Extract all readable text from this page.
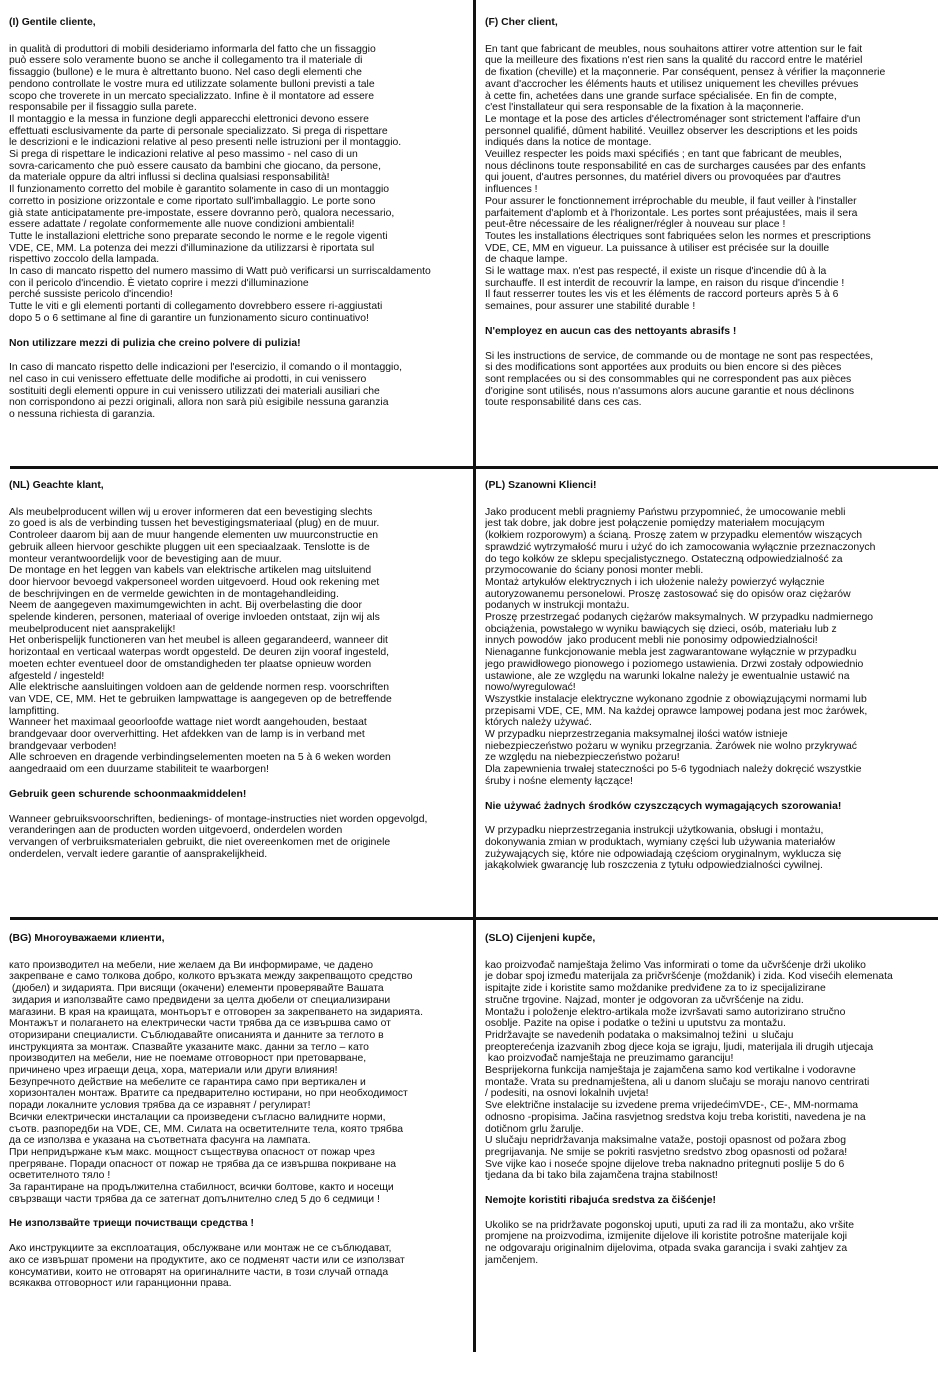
(I) Gentile cliente,
in qualità di produttori di mobili desideriamo informarla del fatto che un fissaggio
può essere solo veramente buono se anche il collegamento tra il materiale di
fissaggio (bullone) e le mura è altrettanto buono. Nel caso degli elementi che
pendono controllate le vostre mura ed utilizzate solamente bulloni previsti a tale
scopo che troverete in un mercato specializzato. Infine è il montatore ad essere
responsabile per il fissaggio sulla parete.
Il montaggio e la messa in funzione degli apparecchi elettronici devono essere
effettuati esclusivamente da parte di personale specializzato. Si prega di rispettare
le descrizioni e le indicazioni relative al peso presenti nelle istruzioni per il montaggio.
Si prega di rispettare le indicazioni relative al peso massimo - nel caso di un
sovra-caricamento che può essere causato da bambini che giocano, da persone,
da materiale oppure da altri influssi si declina qualsiasi responsabilità!
Il funzionamento corretto del mobile è garantito solamente in caso di un montaggio
corretto in posizione orizzontale e come riportato sull'imballaggio. Le porte sono
già state anticipatamente pre-impostate, essere dovranno però, qualora necessario,
essere adattate / regolate conformemente alle nuove condizioni ambientali!
Tutte le installazioni elettriche sono preparate secondo le norme e le regole vigenti
VDE, CE, MM. La potenza dei mezzi d'illuminazione da utilizzarsi è riportata sul
rispettivo zoccolo della lampada.
In caso di mancato rispetto del numero massimo di Watt può verificarsi un surriscaldamento
con il pericolo d'incendio. È vietato coprire i mezzi d'illuminazione
perché sussiste pericolo d'incendio!
Tutte le viti e gli elementi portanti di collegamento dovrebbero essere ri-aggiustati
dopo 5 o 6 settimane al fine di garantire un funzionamento sicuro continuativo!
Non utilizzare mezzi di pulizia che creino polvere di pulizia!
In caso di mancato rispetto delle indicazioni per l'esercizio, il comando o il montaggio,
nel caso in cui venissero effettuate delle modifiche ai prodotti, in cui venissero
sostituiti degli elementi oppure in cui venissero utilizzati dei materiali ausiliari che
non corrispondono ai pezzi originali, allora non sarà più esigibile nessuna garanzia
o nessuna richiesta di garanzia.
(F) Cher client,
En tant que fabricant de meubles, nous souhaitons attirer votre attention sur le fait
que la meilleure des fixations n'est rien sans la qualité du raccord entre le matériel
de fixation (cheville) et la maçonnerie. Par conséquent, pensez à vérifier la maçonnerie
avant d'accrocher les éléments hauts et utilisez uniquement les chevilles prévues
à cette fin, achetées dans une grande surface spécialisée. En fin de compte,
c'est l'installateur qui sera responsable de la fixation à la maçonnerie.
Le montage et la pose des articles d'électroménager sont strictement l'affaire d'un
personnel qualifié, dûment habilité. Veuillez observer les descriptions et les poids
indiqués dans la notice de montage.
Veuillez respecter les poids maxi spécifiés ; en tant que fabricant de meubles,
nous déclinons toute responsabilité en cas de surcharges causées par des enfants
qui jouent, d'autres personnes, du matériel divers ou provoquées par d'autres
influences !
Pour assurer le fonctionnement irréprochable du meuble, il faut veiller à l'installer
parfaitement d'aplomb et à l'horizontale. Les portes sont préajustées, mais il sera
peut-être nécessaire de les réaligner/régler à nouveau sur place !
Toutes les installations électriques sont fabriquées selon les normes et prescriptions
VDE, CE, MM en vigueur. La puissance à utiliser est précisée sur la douille
de chaque lampe.
Si le wattage max. n'est pas respecté, il existe un risque d'incendie dû à la
surchauffe. Il est interdit de recouvrir la lampe, en raison du risque d'incendie !
Il faut resserrer toutes les vis et les éléments de raccord porteurs après 5 à 6
semaines, pour assurer une stabilité durable !
N'employez en aucun cas des nettoyants abrasifs !
Si les instructions de service, de commande ou de montage ne sont pas respectées,
si des modifications sont apportées aux produits ou bien encore si des pièces
sont remplacées ou si des consommables qui ne correspondent pas aux pièces
d'origine sont utilisés, nous n'assumons alors aucune garantie et nous déclinons
toute responsabilité dans ces cas.
(NL) Geachte klant,
Als meubelproducent willen wij u erover informeren dat een bevestiging slechts
zo goed is als de verbinding tussen het bevestigingsmateriaal (plug) en de muur.
Controleer daarom bij aan de muur hangende elementen uw muurconstructie en
gebruik alleen hiervoor geschikte pluggen uit een speciaalzaak. Tenslotte is de
monteur verantwoordelijk voor de bevestiging aan de muur.
De montage en het leggen van kabels van elektrische artikelen mag uitsluitend
door hiervoor bevoegd vakpersoneel worden uitgevoerd. Houd ook rekening met
de beschrijvingen en de vermelde gewichten in de montagehandleiding.
Neem de aangegeven maximumgewichten in acht. Bij overbelasting die door
spelende kinderen, personen, materiaal of overige invloeden ontstaat, zijn wij als
meubelproducent niet aansprakelijk!
Het onberispelijk functioneren van het meubel is alleen gegarandeerd, wanneer dit
horizontaal en verticaal waterpas wordt opgesteld. De deuren zijn vooraf ingesteld,
moeten echter eventueel door de omstandigheden ter plaatse opnieuw worden
afgesteld / ingesteld!
Alle elektrische aansluitingen voldoen aan de geldende normen resp. voorschriften
van VDE, CE, MM. Het te gebruiken lampwattage is aangegeven op de betreffende
lampfitting.
Wanneer het maximaal geoorloofde wattage niet wordt aangehouden, bestaat
brandgevaar door oververhitting. Het afdekken van de lamp is in verband met
brandgevaar verboden!
Alle schroeven en dragende verbindingselementen moeten na 5 à 6 weken worden
aangedraaid om een duurzame stabiliteit te waarborgen!
Gebruik geen schurende schoonmaakmiddelen!
Wanneer gebruiksvoorschriften, bedienings- of montage-instructies niet worden opgevolgd,
veranderingen aan de producten worden uitgevoerd, onderdelen worden
vervangen of verbruiksmaterialen gebruikt, die niet overeenkomen met de originele
onderdelen, vervalt iedere garantie of aansprakelijkheid.
(PL) Szanowni Klienci!
Jako producent mebli pragniemy Państwu przypomnieć, że umocowanie mebli
jest tak dobre, jak dobre jest połączenie pomiędzy materiałem mocującym
(kołkiem rozporowym) a ścianą. Proszę zatem w przypadku elementów wiszących
sprawdzić wytrzymałość muru i użyć do ich zamocowania wyłącznie przeznaczonych
do tego kołków ze sklepu specjalistycznego. Ostateczną odpowiedzialność za
przymocowanie do ściany ponosi monter mebli.
Montaż artykułów elektrycznych i ich ułożenie należy powierzyć wyłącznie
autoryzowanemu personelowi. Proszę zastosować się do opisów oraz ciężarów
podanych w instrukcji montażu.
Proszę przestrzegać podanych ciężarów maksymalnych. W przypadku nadmiernego
obciążenia, powstałego w wyniku bawiących się dzieci, osób, materiału lub z
innych powodów  jako producent mebli nie ponosimy odpowiedzialności!
Nienaganne funkcjonowanie mebla jest zagwarantowane wyłącznie w przypadku
jego prawidłowego pionowego i poziomego ustawienia. Drzwi zostały odpowiednio
ustawione, ale ze względu na warunki lokalne należy je ewentualnie ustawić na
nowo/wyregulować!
Wszystkie instalacje elektryczne wykonano zgodnie z obowiązującymi normami lub
przepisami VDE, CE, MM. Na każdej oprawce lampowej podana jest moc żarówek,
których należy używać.
W przypadku nieprzestrzegania maksymalnej ilości watów istnieje
niebezpieczeństwo pożaru w wyniku przegrzania. Żarówek nie wolno przykrywać
ze względu na niebezpieczeństwo pożaru!
Dla zapewnienia trwałej stateczności po 5-6 tygodniach należy dokręcić wszystkie
śruby i nośne elementy łączące!
Nie używać żadnych środków czyszczących wymagających szorowania!
W przypadku nieprzestrzegania instrukcji użytkowania, obsługi i montażu,
dokonywania zmian w produktach, wymiany części lub używania materiałów
zużywających się, które nie odpowiadają częściom oryginalnym, wyklucza się
jakąkolwiek gwarancję lub roszczenia z tytułu odpowiedzialności cywilnej.
(BG) Многоуважаеми клиенти,
като производител на мебели, ние желаем да Ви информираме, че дадено
закрепване е само толкова добро, колкото връзката между закрепващото средство
(дюбел) и зидарията. При висящи (окачени) елементи проверявайте Вашата
зидария и използвайте само предвидени за целта дюбели от специализирани
магазини. В края на краищата, монтьорът е отговорен за закрепването на зидарията.
Монтажът и полагането на електрически части трябва да се извършва само от
оторизирани специалисти. Съблюдавайте описанията и данните за теглото в
инструкцията за монтаж. Спазвайте указаните макс. данни за тегло – като
производител на мебели, ние не поемаме отговорност при претоварване,
причинено чрез играещи деца, хора, материали или други влияния!
Безупречното действие на мебелите се гарантира само при вертикален и
хоризонтален монтаж. Вратите са предварително юстирани, но при необходимост
поради локалните условия трябва да се изравнят / регулират!
Всички електрически инсталации са произведени съгласно валидните норми,
съотв. разпоредби на VDE, CE, MM. Силата на осветителните тела, която трябва
да се използва е указана на съответната фасунга на лампата.
При непридържане към макс. мощност съществува опасност от пожар чрез
прегряване. Поради опасност от пожар не трябва да се извършва покриване на
осветителното тяло !
За гарантиране на продължителна стабилност, всички болтове, както и носещи
свързващи части трябва да се затегнат допълнително след 5 до 6 седмици !
Не използвайте триещи почистващи средства !
Ако инструкциите за експлоатация, обслужване или монтаж не се съблюдават,
ако се извършат промени на продуктите, ако се подменят части или се използват
консумативи, които не отговарят на оригиналните части, в този случай отпада
всякаква отговорност или гаранционни права.
(SLO) Cijenjeni kupče,
kao proizvođač namještaja želimo Vas informirati o tome da učvršćenje drži ukoliko
je dobar spoj između materijala za pričvršćenje (moždanik) i zida. Kod visećih elemenata
ispitajte zide i koristite samo moždanike predviđene za to iz specijalizirane
stručne trgovine. Najzad, monter je odgovoran za učvršćenje na zidu.
Montažu i položenje elektro-artikala može izvršavati samo autorizirano stručno
osoblje. Pazite na opise i podatke o težini u uputstvu za montažu.
Pridržavajte se navedenih podataka o maksimalnoj težini  u slučaju
preopterećenja izazvanih zbog djece koja se igraju, ljudi, materijala ili drugih utjecaja
kao proizvođač namještaja ne preuzimamo garanciju!
Besprijekorna funkcija namještaja je zajamčena samo kod vertikalne i vodoravne
montaže. Vrata su prednamještena, ali u danom slučaju se moraju nanovo centrirati
/ podesiti, na osnovi lokalnih uvjeta!
Sve električne instalacije su izvedene prema vrijedećimVDE-, CE-, MM-normama
odnosno -propisima. Jačina rasvjetnog sredstva koju treba koristiti, navedena je na
dotičnom grlu žarulje.
U slučaju nepridržavanja maksimalne vataže, postoji opasnost od požara zbog
pregrijavanja. Ne smije se pokriti rasvjetno sredstvo zbog opasnosti od požara!
Sve vijke kao i noseće spojne dijelove treba naknadno pritegnuti poslije 5 do 6
tjedana da bi tako bila zajamčena trajna stabilnost!
Nemojte koristiti ribajuća sredstva za čišćenje!
Ukoliko se na pridržavate pogonskoj uputi, uputi za rad ili za montažu, ako vršite
promjene na proizvodima, izmijenite dijelove ili koristite potrošne materijale koji
ne odgovaraju originalnim dijelovima, otpada svaka garancija i svaki zahtjev za
jamčenjem.
